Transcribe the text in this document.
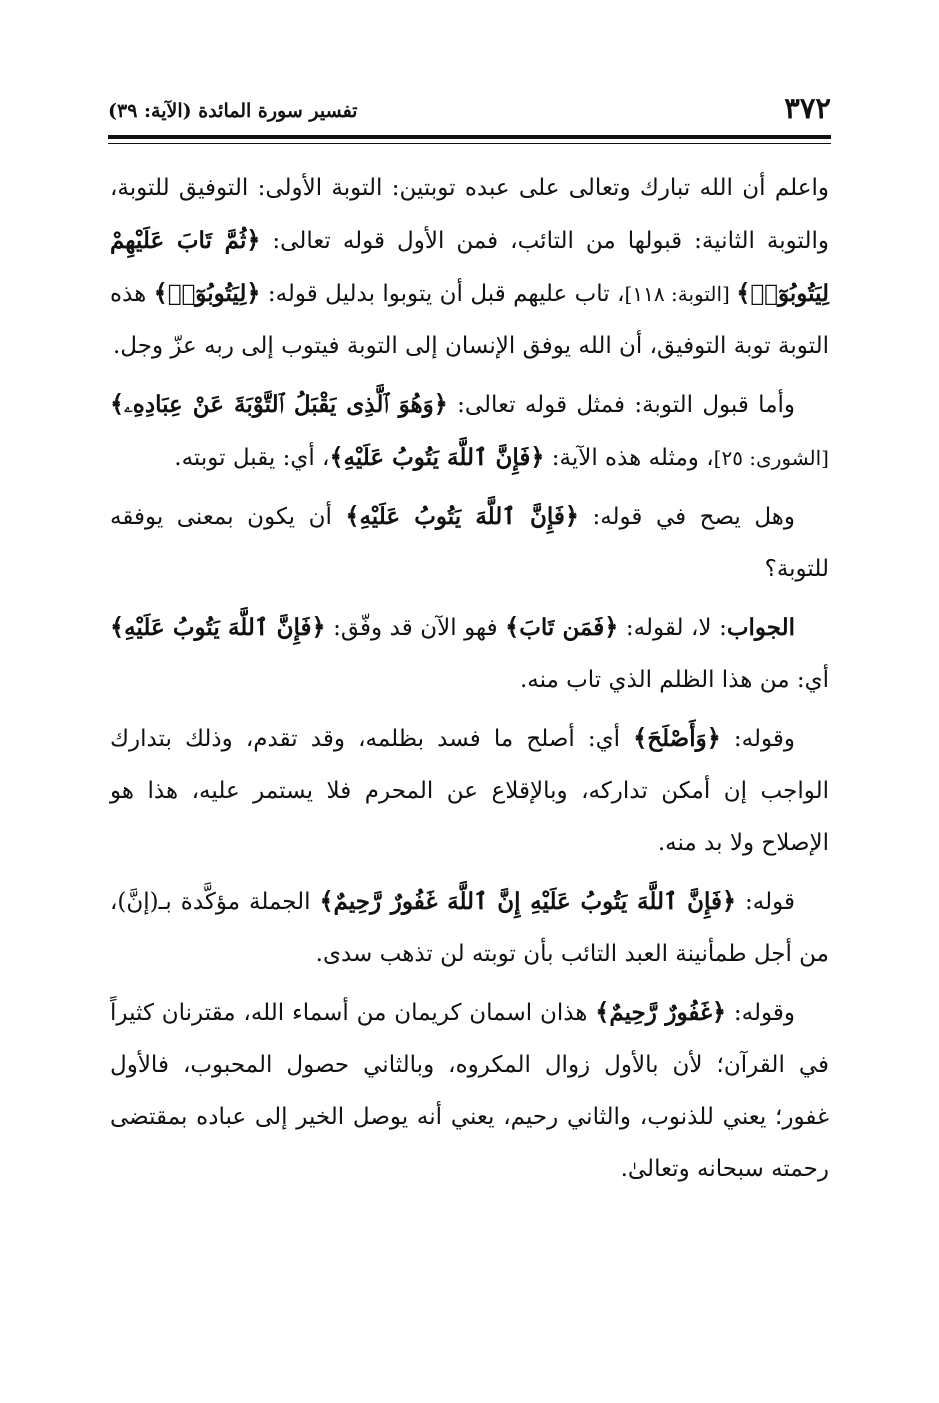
٣٧٢
تفسير سورة المائدة (الآية: ٣٩)

واعلم أن الله تبارك وتعالى على عبده توبتين: التوبة الأولى: التوفيق للتوبة، والتوبة الثانية: قبولها من التائب، فمن الأول قوله تعالى: ﴿ثُمَّ تَابَ عَلَيْهِمْ لِيَتُوبُوٓا۟﴾ [التوبة: ١١٨]، تاب عليهم قبل أن يتوبوا بدليل قوله: ﴿لِيَتُوبُوٓا۟﴾ هذه التوبة توبة التوفيق، أن الله يوفق الإنسان إلى التوبة فيتوب إلى ربه عزّ وجل.

وأما قبول التوبة: فمثل قوله تعالى: ﴿وَهُوَ ٱلَّذِى يَقْبَلُ ٱلتَّوْبَةَ عَنْ عِبَادِهِۦ﴾ [الشورى: ٢٥]، ومثله هذه الآية: ﴿فَإِنَّ ٱللَّهَ يَتُوبُ عَلَيْهِ﴾، أي: يقبل توبته.

وهل يصح في قوله: ﴿فَإِنَّ ٱللَّهَ يَتُوبُ عَلَيْهِ﴾ أن يكون بمعنى يوفقه للتوبة؟

الجواب: لا، لقوله: ﴿فَمَن تَابَ﴾ فهو الآن قد وفّق: ﴿فَإِنَّ ٱللَّهَ يَتُوبُ عَلَيْهِ﴾ أي: من هذا الظلم الذي تاب منه.

وقوله: ﴿وَأَصْلَحَ﴾ أي: أصلح ما فسد بظلمه، وقد تقدم، وذلك بتدارك الواجب إن أمكن تداركه، وبالإقلاع عن المحرم فلا يستمر عليه، هذا هو الإصلاح ولا بد منه.

قوله: ﴿فَإِنَّ ٱللَّهَ يَتُوبُ عَلَيْهِ إِنَّ ٱللَّهَ غَفُورٌ رَّحِيمٌ﴾ الجملة مؤكَّدة بـ(إنَّ)، من أجل طمأنينة العبد التائب بأن توبته لن تذهب سدى.

وقوله: ﴿غَفُورٌ رَّحِيمٌ﴾ هذان اسمان كريمان من أسماء الله، مقترنان كثيراً في القرآن؛ لأن بالأول زوال المكروه، وبالثاني حصول المحبوب، فالأول غفور؛ يعني للذنوب، والثاني رحيم، يعني أنه يوصل الخير إلى عباده بمقتضى رحمته سبحانه وتعالىٰ.
